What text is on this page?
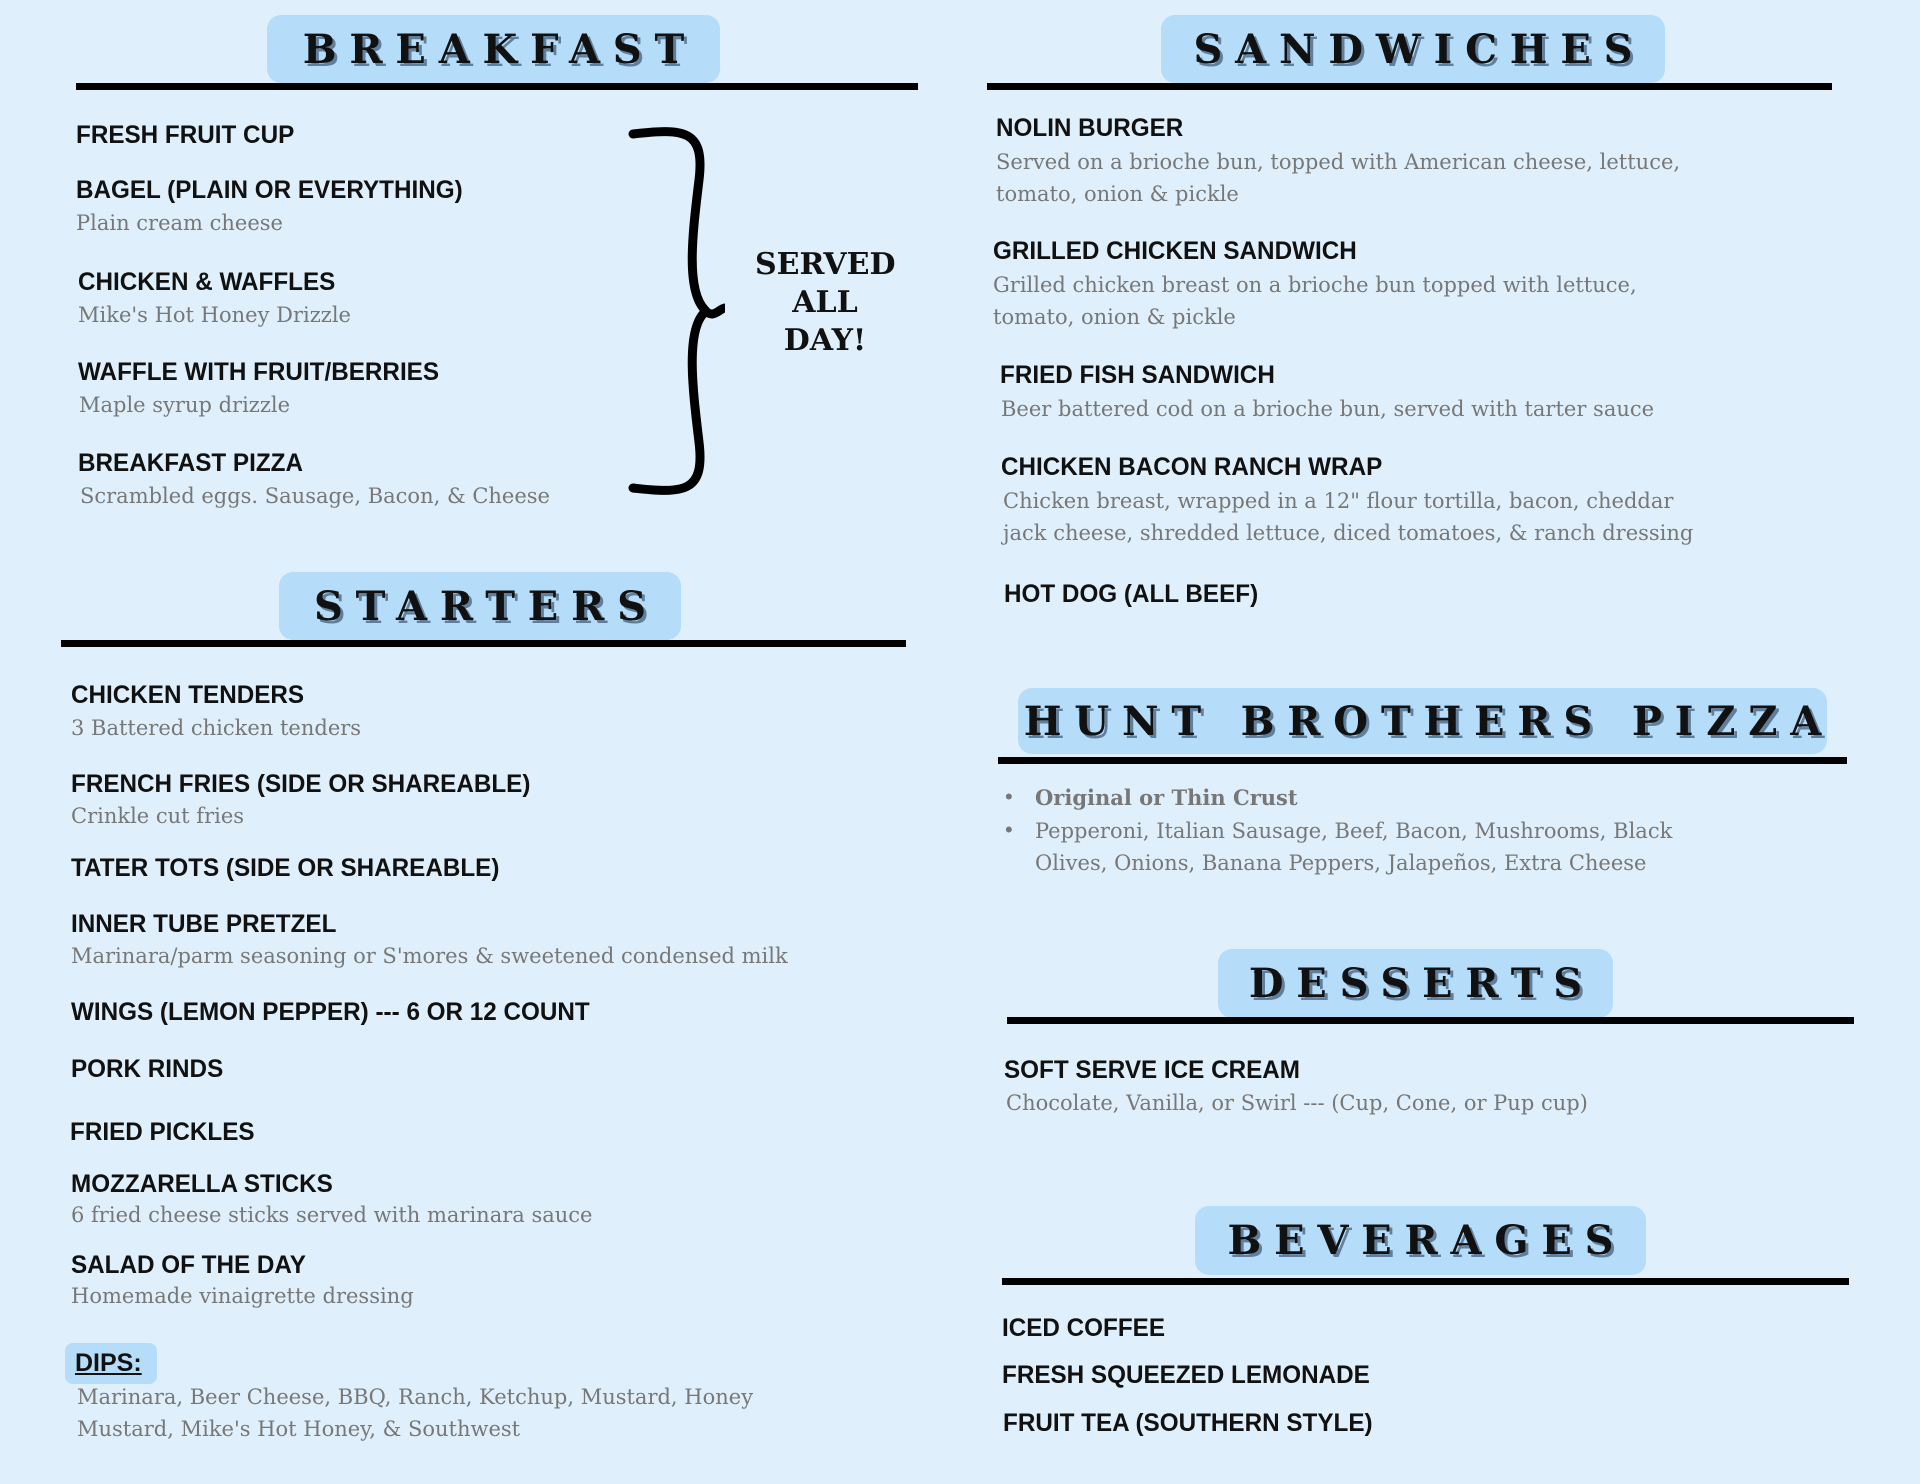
BREAKFAST
FRESH FRUIT CUP
BAGEL (PLAIN OR EVERYTHING)
Plain cream cheese
CHICKEN & WAFFLES
Mike's Hot Honey Drizzle
WAFFLE WITH FRUIT/BERRIES
Maple syrup drizzle
BREAKFAST PIZZA
Scrambled eggs. Sausage, Bacon, & Cheese
SERVED
ALL
DAY!
STARTERS
CHICKEN TENDERS
3 Battered chicken tenders
FRENCH FRIES (SIDE OR SHAREABLE)
Crinkle cut fries
TATER TOTS (SIDE OR SHAREABLE)
INNER TUBE PRETZEL
Marinara/parm seasoning or S'mores & sweetened condensed milk
WINGS (LEMON PEPPER) --- 6 OR 12 COUNT
PORK RINDS
FRIED PICKLES
MOZZARELLA STICKS
6 fried cheese sticks served with marinara sauce
SALAD OF THE DAY
Homemade vinaigrette dressing
DIPS:
Marinara, Beer Cheese, BBQ, Ranch, Ketchup, Mustard, Honey
Mustard, Mike's Hot Honey, & Southwest
SANDWICHES
NOLIN BURGER
Served on a brioche bun, topped with American cheese, lettuce,
tomato, onion & pickle
GRILLED CHICKEN SANDWICH
Grilled chicken breast on a brioche bun topped with lettuce,
tomato, onion & pickle
FRIED FISH SANDWICH
Beer battered cod on a brioche bun, served with tarter sauce
CHICKEN BACON RANCH WRAP
Chicken breast, wrapped in a 12" flour tortilla, bacon, cheddar
jack cheese, shredded lettuce, diced tomatoes, & ranch dressing
HOT DOG (ALL BEEF)
HUNT BROTHERS PIZZA
• Original or Thin Crust
• Pepperoni, Italian Sausage, Beef, Bacon, Mushrooms, Black
Olives, Onions, Banana Peppers, Jalapeños, Extra Cheese
DESSERTS
SOFT SERVE ICE CREAM
Chocolate, Vanilla, or Swirl --- (Cup, Cone, or Pup cup)
BEVERAGES
ICED COFFEE
FRESH SQUEEZED LEMONADE
FRUIT TEA (SOUTHERN STYLE)
